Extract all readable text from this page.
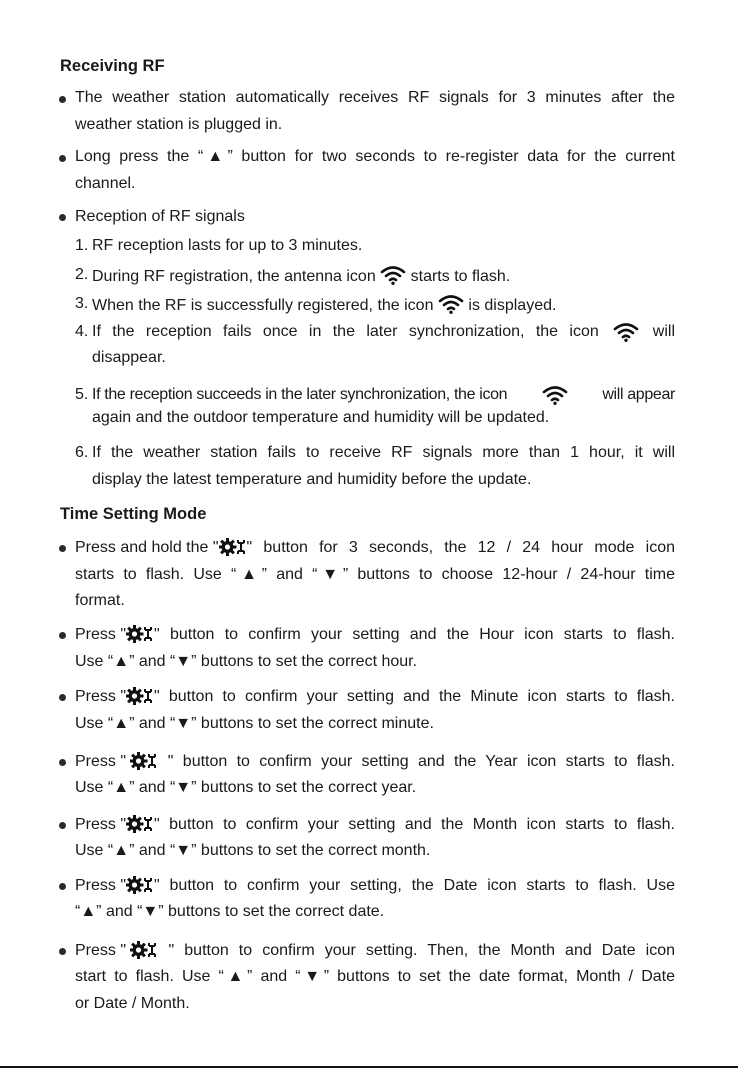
Receiving RF
The weather station automatically receives RF signals for 3 minutes after the
weather station is plugged in.
Long press the “▲” button for two seconds to re-register data for the current
channel.
Reception of RF signals
1. RF reception lasts for up to 3 minutes.
2. During RF registration, the antenna icon starts to flash.
3. When the RF is successfully registered, the icon is displayed.
4. If the reception fails once in the later synchronization, the icon	will
disappear.
5. If the reception succeeds in the later synchronization, the icon	will appear
again and the outdoor temperature and humidity will be updated.
6. If the weather station fails to receive RF signals more than 1 hour, it will
display the latest temperature and humidity before the update.
Time Setting Mode
Press and hold the " " button for 3 seconds, the 12 / 24 hour mode icon
starts to flash. Use “▲” and “▼” buttons to choose 12-hour / 24-hour time
format.
Press " " button to confirm your setting and the Hour icon starts to flash.
Use “▲” and “▼” buttons to set the correct hour.
Press " " button to confirm your setting and the Minute icon starts to flash.
Use “▲” and “▼” buttons to set the correct minute.
Press " " button to confirm your setting and the Year icon starts to flash.
Use “▲” and “▼” buttons to set the correct year.
Press " " button to confirm your setting and the Month icon starts to flash.
Use “▲” and “▼” buttons to set the correct month.
Press " " button to confirm your setting, the Date icon starts to flash. Use
“▲” and “▼” buttons to set the correct date.
Press " " button to confirm your setting. Then, the Month and Date icon
start to flash. Use “▲” and “▼” buttons to set the date format, Month / Date
or Date / Month.
